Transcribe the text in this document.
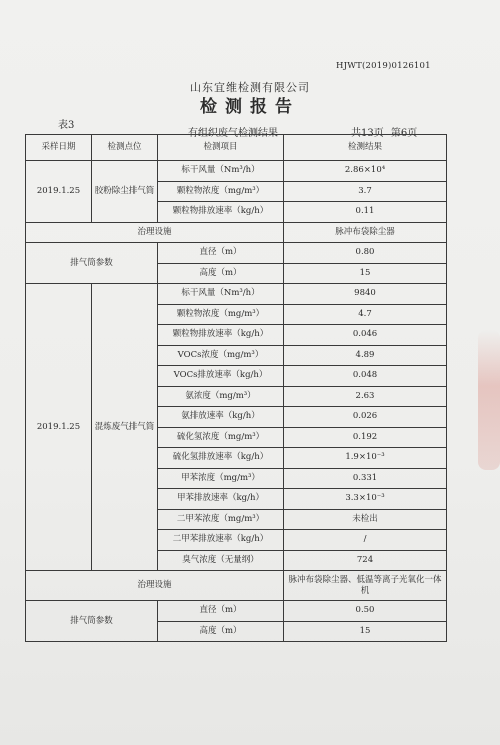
HJWT(2019)0126101
山东宜维检测有限公司
检测报告
表3
有组织废气检测结果	共13页 第6页
采样日期	检测点位	检测项目	检测结果
2019.1.25	胶粉除尘排气筒	标干风量（Nm³/h）	2.86×10⁴
		颗粒物浓度（mg/m³）	3.7
		颗粒物排放速率（kg/h）	0.11
治理设施			脉冲布袋除尘器
排气筒参数		直径（m）	0.80
		高度（m）	15
2019.1.25	混炼废气排气筒	标干风量（Nm³/h）	9840
		颗粒物浓度（mg/m³）	4.7
		颗粒物排放速率（kg/h）	0.046
		VOCs浓度（mg/m³）	4.89
		VOCs排放速率（kg/h）	0.048
		氨浓度（mg/m³）	2.63
		氨排放速率（kg/h）	0.026
		硫化氢浓度（mg/m³）	0.192
		硫化氢排放速率（kg/h）	1.9×10⁻³
		甲苯浓度（mg/m³）	0.331
		甲苯排放速率（kg/h）	3.3×10⁻³
		二甲苯浓度（mg/m³）	未检出
		二甲苯排放速率（kg/h）	/
		臭气浓度（无量纲）	724
治理设施			脉冲布袋除尘器、低温等离子光氧化一体机
排气筒参数		直径（m）	0.50
		高度（m）	15
